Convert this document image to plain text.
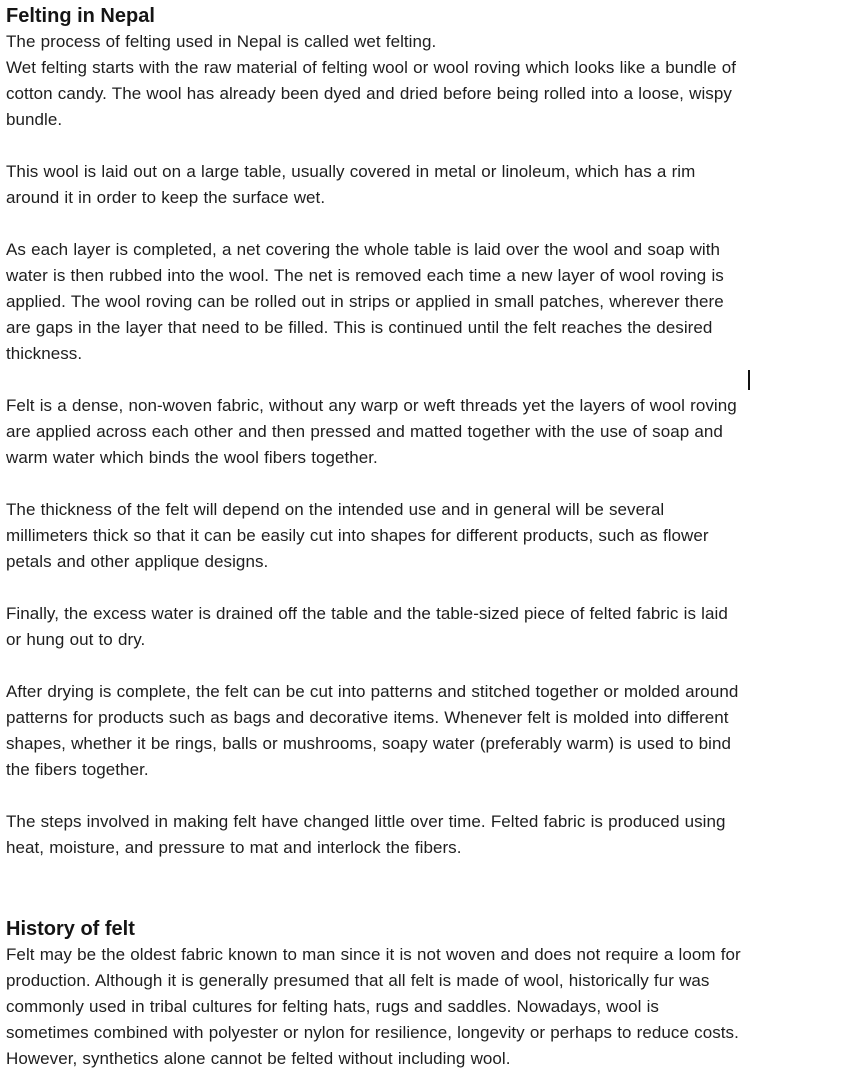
Felting in Nepal

The process of felting used in Nepal is called wet felting.
Wet felting starts with the raw material of felting wool or wool roving which looks like a bundle of
cotton candy. The wool has already been dyed and dried before being rolled into a loose, wispy
bundle.

This wool is laid out on a large table, usually covered in metal or linoleum, which has a rim
around it in order to keep the surface wet.

As each layer is completed, a net covering the whole table is laid over the wool and soap with
water is then rubbed into the wool. The net is removed each time a new layer of wool roving is
applied. The wool roving can be rolled out in strips or applied in small patches, wherever there
are gaps in the layer that need to be filled. This is continued until the felt reaches the desired
thickness.

Felt is a dense, non-woven fabric, without any warp or weft threads yet the layers of wool roving
are applied across each other and then pressed and matted together with the use of soap and
warm water which binds the wool fibers together.

The thickness of the felt will depend on the intended use and in general will be several
millimeters thick so that it can be easily cut into shapes for different products, such as flower
petals and other applique designs.

Finally, the excess water is drained off the table and the table-sized piece of felted fabric is laid
or hung out to dry.

After drying is complete, the felt can be cut into patterns and stitched together or molded around
patterns for products such as bags and decorative items. Whenever felt is molded into different
shapes, whether it be rings, balls or mushrooms, soapy water (preferably warm) is used to bind
the fibers together.

The steps involved in making felt have changed little over time. Felted fabric is produced using
heat, moisture, and pressure to mat and interlock the fibers.

History of felt

Felt may be the oldest fabric known to man since it is not woven and does not require a loom for
production. Although it is generally presumed that all felt is made of wool, historically fur was
commonly used in tribal cultures for felting hats, rugs and saddles. Nowadays, wool is
sometimes combined with polyester or nylon for resilience, longevity or perhaps to reduce costs.
However, synthetics alone cannot be felted without including wool.
